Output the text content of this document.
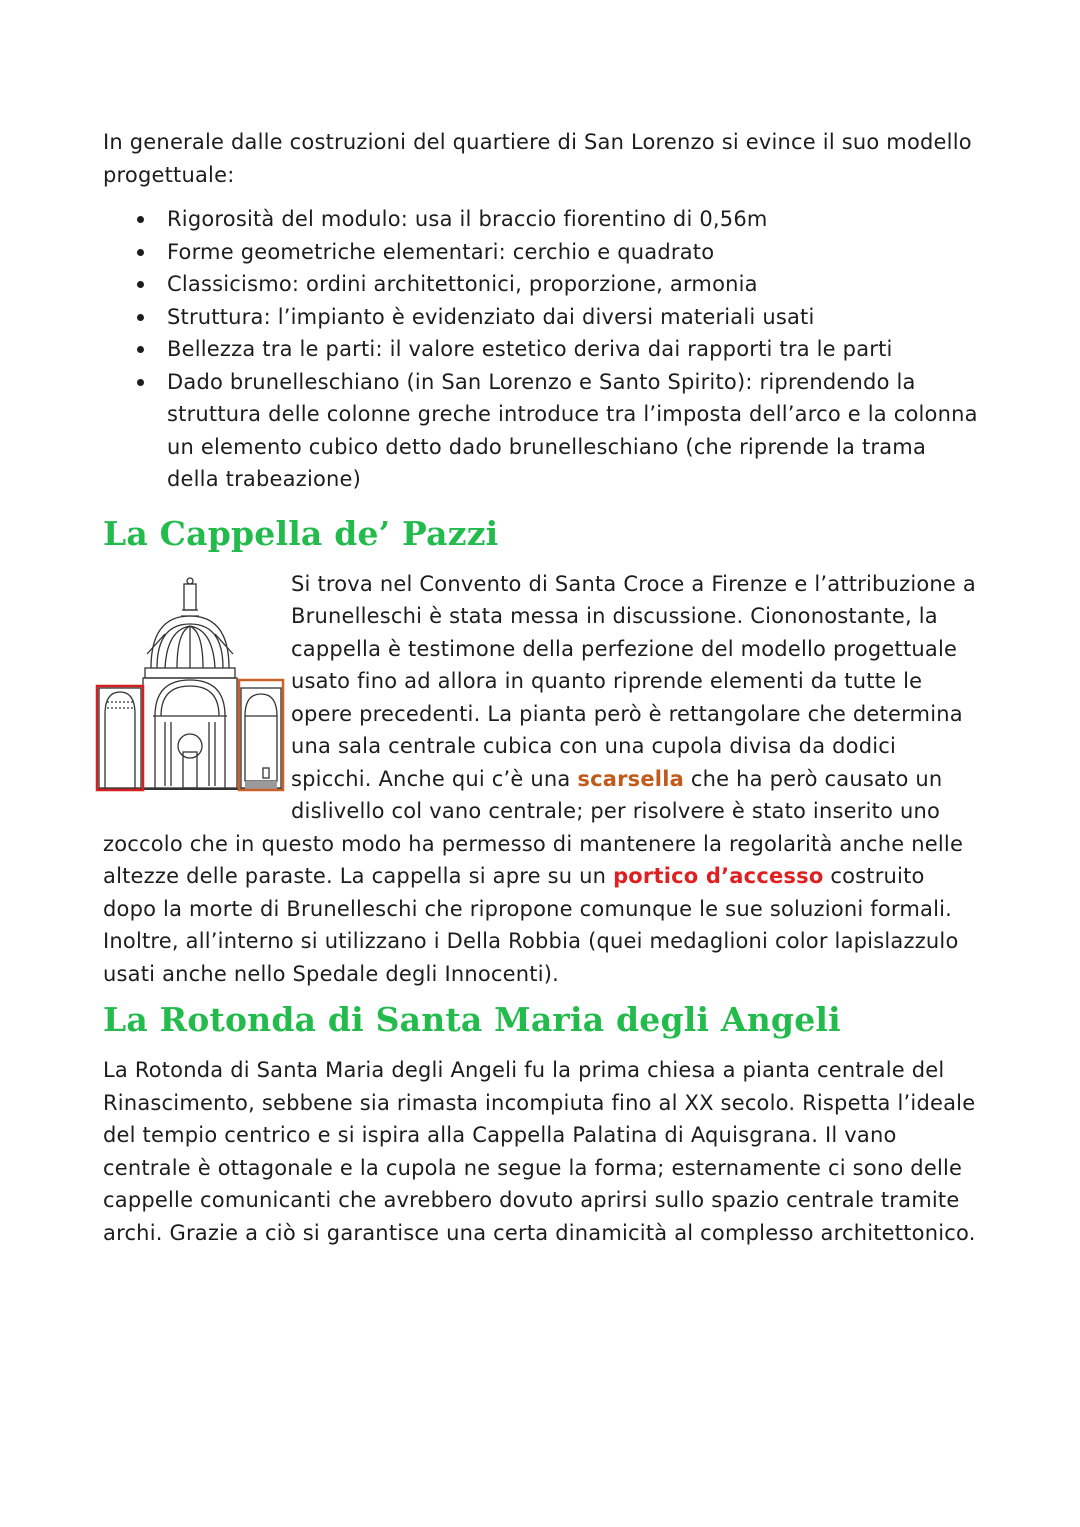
In generale dalle costruzioni del quartiere di San Lorenzo si evince il suo modello progettuale:

Rigorosità del modulo: usa il braccio fiorentino di 0,56m
Forme geometriche elementari: cerchio e quadrato
Classicismo: ordini architettonici, proporzione, armonia
Struttura: l’impianto è evidenziato dai diversi materiali usati
Bellezza tra le parti: il valore estetico deriva dai rapporti tra le parti
Dado brunelleschiano (in San Lorenzo e Santo Spirito): riprendendo la struttura delle colonne greche introduce tra l’imposta dell’arco e la colonna un elemento cubico detto dado brunelleschiano (che riprende la trama della trabeazione)
La Cappella de’ Pazzi

Si trova nel Convento di Santa Croce a Firenze e l’attribuzione a Brunelleschi è stata messa in discussione. Ciononostante, la cappella è testimone della perfezione del modello progettuale usato fino ad allora in quanto riprende elementi da tutte le opere precedenti. La pianta però è rettangolare che determina una sala centrale cubica con una cupola divisa da dodici spicchi. Anche qui c’è una scarsella che ha però causato un dislivello col vano centrale; per risolvere è stato inserito uno zoccolo che in questo modo ha permesso di mantenere la regolarità anche nelle altezze delle paraste. La cappella si apre su un portico d’accesso costruito dopo la morte di Brunelleschi che ripropone comunque le sue soluzioni formali. Inoltre, all’interno si utilizzano i Della Robbia (quei medaglioni color lapislazzulo usati anche nello Spedale degli Innocenti).

La Rotonda di Santa Maria degli Angeli

La Rotonda di Santa Maria degli Angeli fu la prima chiesa a pianta centrale del Rinascimento, sebbene sia rimasta incompiuta fino al XX secolo. Rispetta l’ideale del tempio centrico e si ispira alla Cappella Palatina di Aquisgrana. Il vano centrale è ottagonale e la cupola ne segue la forma; esternamente ci sono delle cappelle comunicanti che avrebbero dovuto aprirsi sullo spazio centrale tramite archi. Grazie a ciò si garantisce una certa dinamicità al complesso architettonico.
